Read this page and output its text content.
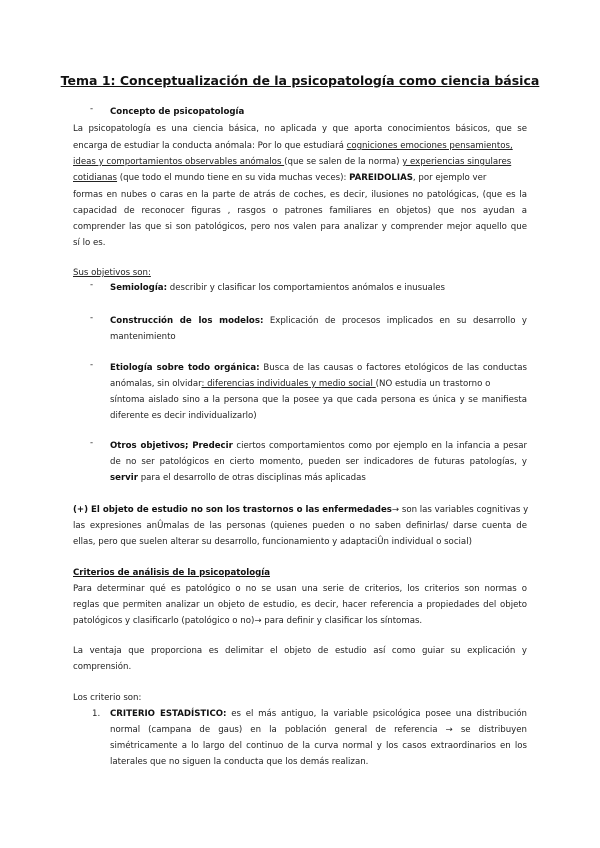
Tema 1: Conceptualización de la psicopatología como ciencia básica
- Concepto de psicopatología
La psicopatología es una ciencia básica, no aplicada y que aporta conocimientos básicos, que se
encarga de estudiar la conducta anómala: Por lo que estudiará cogniciones emociones pensamientos,
ideas y comportamientos observables anómalos (que se salen de la norma) y experiencias singulares
cotidianas (que todo el mundo tiene en su vida muchas veces): PAREIDOLIAS, por ejemplo ver
formas en nubes o caras en la parte de atrás de coches, es decir, ilusiones no patológicas, (que es la
capacidad de reconocer figuras , rasgos o patrones familiares en objetos) que nos ayudan a
comprender las que si son patológicos, pero nos valen para analizar y comprender mejor aquello que
sí lo es.
Sus objetivos son:
- Semiología: describir y clasificar los comportamientos anómalos e inusuales
- Construcción de los modelos: Explicación de procesos implicados en su desarrollo y
mantenimiento
- Etiología sobre todo orgánica: Busca de las causas o factores etológicos de las conductas
anómalas, sin olvidar: diferencias individuales y medio social (NO estudia un trastorno o
síntoma aislado sino a la persona que la posee ya que cada persona es única y se manifiesta
diferente es decir individualizarlo)
- Otros objetivos; Predecir ciertos comportamientos como por ejemplo en la infancia a pesar
de no ser patológicos en cierto momento, pueden ser indicadores de futuras patologías, y
servir para el desarrollo de otras disciplinas más aplicadas
(+) El objeto de estudio no son los trastornos o las enfermedades→ son las variables cognitivas y
las expresiones anÛmalas de las personas (quienes pueden o no saben definirlas/ darse cuenta de
ellas, pero que suelen alterar su desarrollo, funcionamiento y adaptaciÛn individual o social)
Criterios de análisis de la psicopatología
Para determinar qué es patológico o no se usan una serie de criterios, los criterios son normas o
reglas que permiten analizar un objeto de estudio, es decir, hacer referencia a propiedades del objeto
patológicos y clasificarlo (patológico o no)→ para definir y clasificar los síntomas.
La ventaja que proporciona es delimitar el objeto de estudio así como guiar su explicación y
comprensión.
Los criterio son:
1. CRITERIO ESTADÍSTICO: es el más antiguo, la variable psicológica posee una distribución
normal (campana de gaus) en la población general de referencia → se distribuyen
simétricamente a lo largo del continuo de la curva normal y los casos extraordinarios en los
laterales que no siguen la conducta que los demás realizan.
